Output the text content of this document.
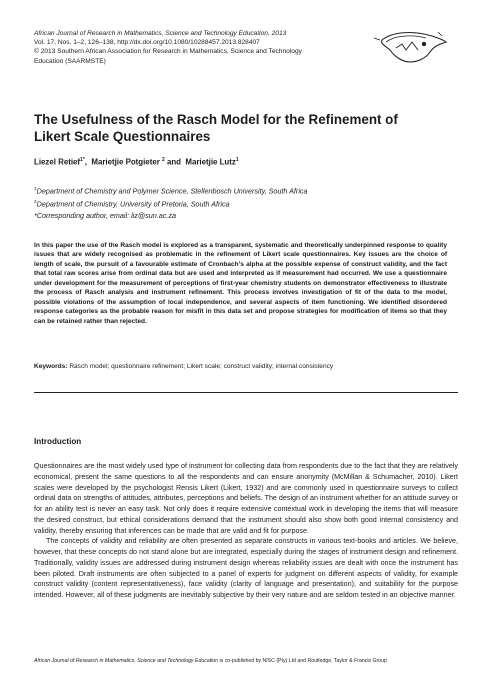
African Journal of Research in Mathematics, Science and Technology Education, 2013
Vol. 17, Nos. 1–2, 126–138, http://dx.doi.org/10.1080/10288457.2013.828407
© 2013 Southern African Association for Research in Mathematics, Science and Technology
Education (SAARMSTE)
The Usefulness of the Rasch Model for the Refinement of
Likert Scale Questionnaires
Liezel Retief$^{1*}$, Marietjie Potgieter $^2$ and Marietjie Lutz$^1$
$^1$Department of Chemistry and Polymer Science, Stellenbosch University, South Africa
$^2$Department of Chemistry, University of Pretoria, South Africa
*Corresponding author, email: liz@sun.ac.za
In this paper the use of the Rasch model is explored as a transparent, systematic and theoretically underpinned response to quality issues that are widely recognised as problematic in the refinement of Likert scale questionnaires. Key issues are the choice of length of scale, the pursuit of a favourable estimate of Cronbach’s alpha at the possible expense of construct validity, and the fact that total raw scores arise from ordinal data but are used and interpreted as if measurement had occurred. We use a questionnaire under development for the measurement of perceptions of first-year chemistry students on demonstrator effectiveness to illustrate the process of Rasch analysis and instrument refinement. This process involves investigation of fit of the data to the model, possible violations of the assumption of local independence, and several aspects of item functioning. We identified disordered response categories as the probable reason for misfit in this data set and propose strategies for modification of items so that they can be retained rather than rejected.
Keywords: Rasch model; questionnaire refinement; Likert scale; construct validity; internal consistency
Introduction

Questionnaires are the most widely used type of instrument for collecting data from respondents due to the fact that they are relatively economical, present the same questions to all the respondents and can ensure anonymity (McMillan & Schumacher, 2010). Likert scales were developed by the psychologist Rensis Likert (Likert, 1932) and are commonly used in questionnaire surveys to collect ordinal data on strengths of attitudes, attributes, perceptions and beliefs. The design of an instrument whether for an attitude survey or for an ability test is never an easy task. Not only does it require extensive contextual work in developing the items that will measure the desired construct, but ethical considerations demand that the instrument should also show both good internal consistency and validity, thereby ensuring that inferences can be made that are valid and fit for purpose.

The concepts of validity and reliability are often presented as separate constructs in various text-books and articles. We believe, however, that these concepts do not stand alone but are integrated, especially during the stages of instrument design and refinement. Traditionally, validity issues are addressed during instrument design whereas reliability issues are dealt with once the instrument has been piloted. Draft instruments are often subjected to a panel of experts for judgment on different aspects of validity, for example construct validity (content representativeness), face validity (clarity of language and presentation), and suitability for the purpose intended. However, all of these judgments are inevitably subjective by their very nature and are seldom tested in an objective manner.

African Journal of Research in Mathematics, Science and Technology Education is co-published by NISC (Pty) Ltd and Routledge, Taylor & Francis Group
